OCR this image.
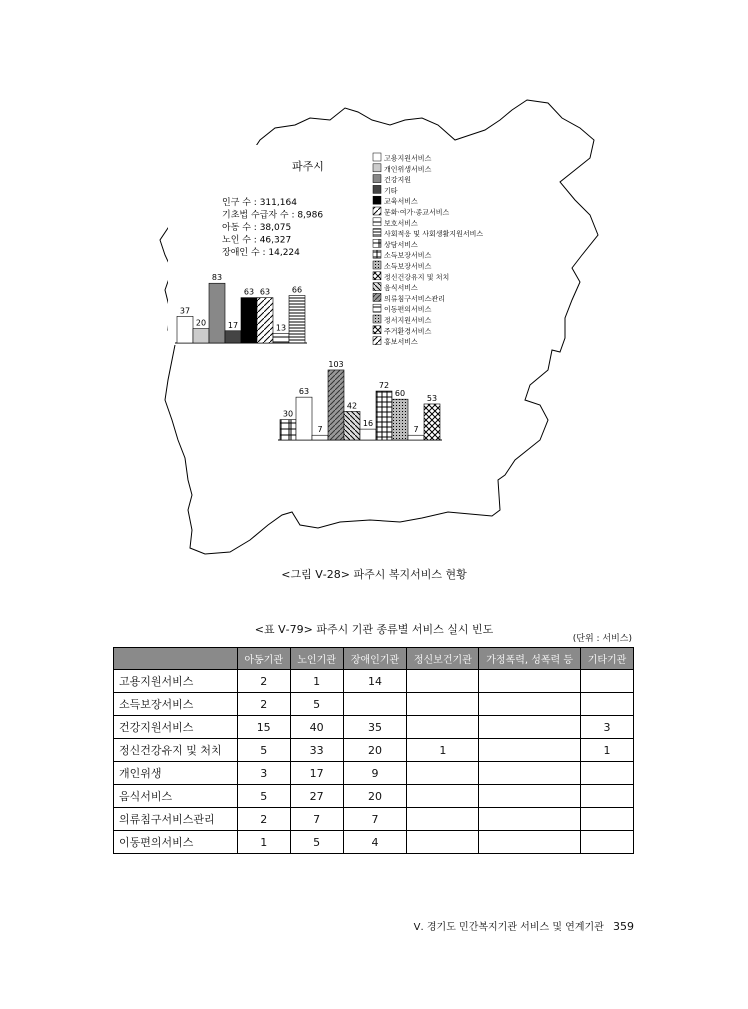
파주시
인구 수 : 311,164
기초법 수급자 수 : 8,986
아동 수 : 38,075
노인 수 : 46,327
장애인 수 : 14,224
고용지원서비스
개인위생서비스
건강지원
기타
교육서비스
문화·여가·종교서비스
보호서비스
사회적응 및 사회생활지원서비스
상담서비스
소득보장서비스
소득보장서비스
정신건강유지 및 처치
음식서비스
의류침구서비스관리
이동편의서비스
정서지원서비스
주거환경서비스
홍보서비스
37
20
83
17
63 63
13
66
30
63
7
103
42
16
72
60
7
53
<그림 Ⅴ-28> 파주시 복지서비스 현황
<표 Ⅴ-79> 파주시 기관 종류별 서비스 실시 빈도
(단위 : 서비스)
	아동기관	노인기관	장애인기관	정신보건기관	가정폭력, 성폭력 등	기타기관
고용지원서비스	2	1	14			
소득보장서비스	2	5				
건강지원서비스	15	40	35			3
정신건강유지 및 처치	5	33	20	1		1
개인위생	3	17	9			
음식서비스	5	27	20			
의류침구서비스관리	2	7	7			
이동편의서비스	1	5	4			
Ⅴ. 경기도 민간복지기관 서비스 및 연계기관 359
